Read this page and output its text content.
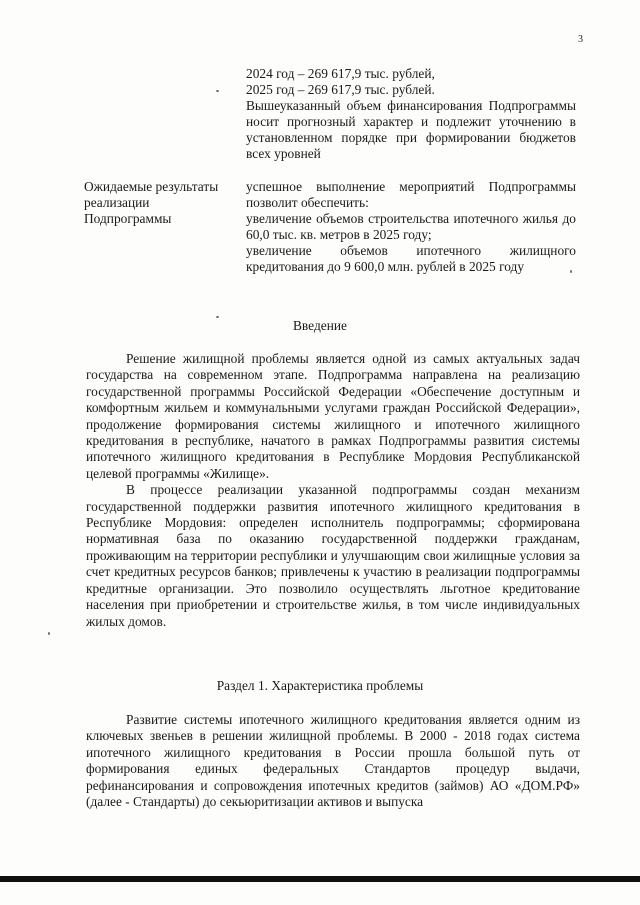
3
2024 год – 269 617,9 тыс. рублей,
2025 год – 269 617,9 тыс. рублей.
Вышеуказанный объем финансирования Подпрограммы носит прогнозный характер и подлежит уточнению в установленном порядке при формировании бюджетов всех уровней
Ожидаемые результаты
реализации
Подпрограммы

успешное выполнение мероприятий Подпрограммы позволит обеспечить:

увеличение объемов строительства ипотечного жилья до 60,0 тыс. кв. метров в 2025 году;

увеличение объемов ипотечного жилищного кредитования до 9 600,0 млн. рублей в 2025 году

Введение

Решение жилищной проблемы является одной из самых актуальных задач государства на современном этапе. Подпрограмма направлена на реализацию государственной программы Российской Федерации «Обеспечение доступным и комфортным жильем и коммунальными услугами граждан Российской Федерации», продолжение формирования системы жилищного и ипотечного жилищного кредитования в республике, начатого в рамках Подпрограммы развития системы ипотечного жилищного кредитования в Республике Мордовия Республиканской целевой программы «Жилище».

В процессе реализации указанной подпрограммы создан механизм государственной поддержки развития ипотечного жилищного кредитования в Республике Мордовия: определен исполнитель подпрограммы; сформирована нормативная база по оказанию государственной поддержки гражданам, проживающим на территории республики и улучшающим свои жилищные условия за счет кредитных ресурсов банков; привлечены к участию в реализации подпрограммы кредитные организации. Это позволило осуществлять льготное кредитование населения при приобретении и строительстве жилья, в том числе индивидуальных жилых домов.

Раздел 1. Характеристика проблемы

Развитие системы ипотечного жилищного кредитования является одним из ключевых звеньев в решении жилищной проблемы. В 2000 - 2018 годах система ипотечного жилищного кредитования в России прошла большой путь от формирования единых федеральных Стандартов процедур выдачи, рефинансирования и сопровождения ипотечных кредитов (займов) АО «ДОМ.РФ» (далее - Стандарты) до секьюритизации активов и выпуска
